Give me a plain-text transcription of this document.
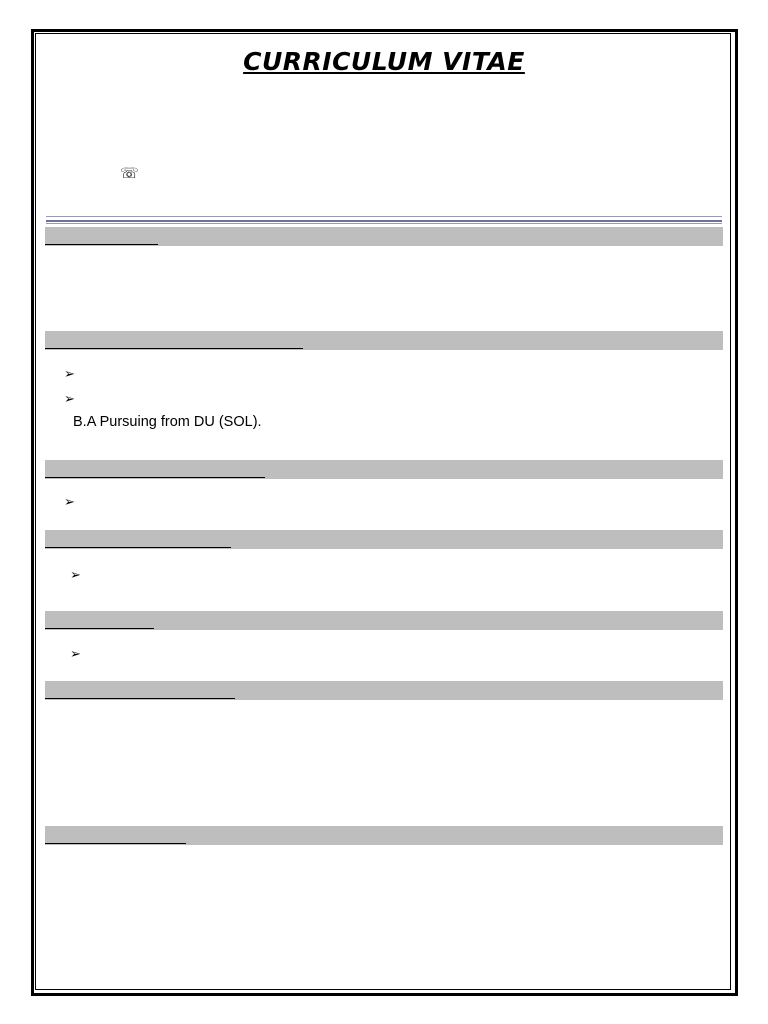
CURRICULUM VITAE
☏
➢
➢
B.A Pursuing from DU (SOL).
➢
➢
➢
